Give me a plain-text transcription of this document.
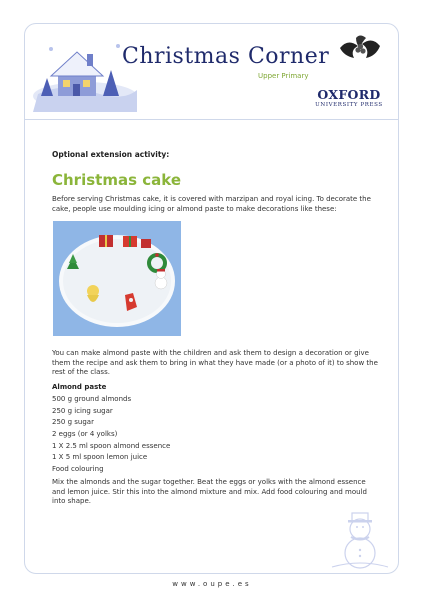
Christmas Corner
Upper Primary
OXFORD
UNIVERSITY PRESS
Optional extension activity:
Christmas cake
Before serving Christmas cake, it is covered with marzipan and royal icing. To decorate the cake, people use moulding icing or almond paste to make decorations like these:
You can make almond paste with the children and ask them to design a decoration or give them the recipe and ask them to bring in what they have made (or a photo of it) to show the rest of the class.
Almond paste
500 g ground almonds
250 g icing sugar
250 g sugar
2 eggs (or 4 yolks)
1 X 2.5 ml spoon almond essence
1 X 5 ml spoon lemon juice
Food colouring
Mix the almonds and the sugar together. Beat the eggs or yolks with the almond essence and lemon juice. Stir this into the almond mixture and mix. Add food colouring and mould into shape.
www.oupe.es
